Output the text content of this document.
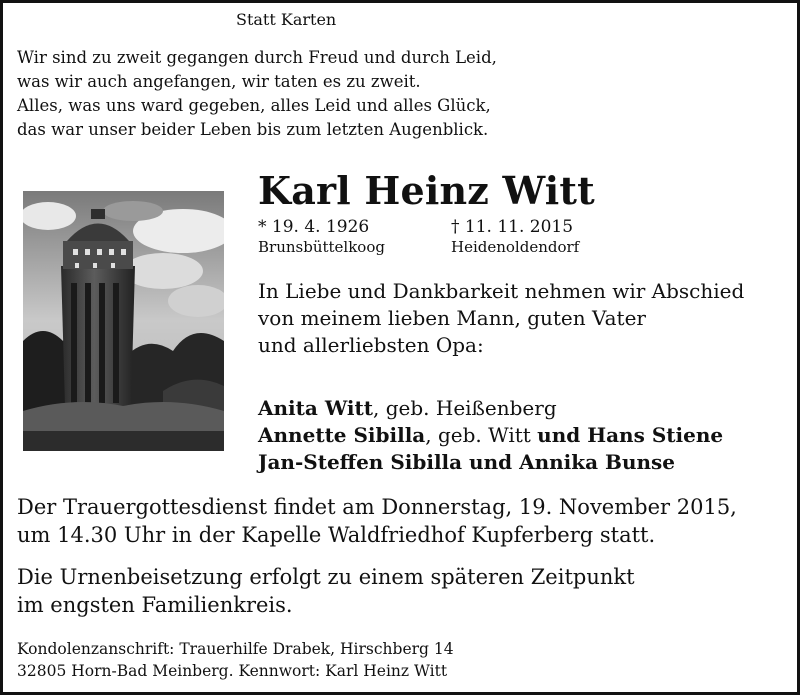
Statt Karten
Wir sind zu zweit gegangen durch Freud und durch Leid,
was wir auch angefangen, wir taten es zu zweit.
Alles, was uns ward gegeben, alles Leid und alles Glück,
das war unser beider Leben bis zum letzten Augenblick.
Karl Heinz Witt
* 19. 4. 1926	† 11. 11. 2015
Brunsbüttelkoog	Heidenoldendorf
In Liebe und Dankbarkeit nehmen wir Abschied
von meinem lieben Mann, guten Vater
und allerliebsten Opa:
Anita Witt, geb. Heißenberg
Annette Sibilla, geb. Witt und Hans Stiene
Jan-Steffen Sibilla und Annika Bunse
Der Trauergottesdienst findet am Donnerstag, 19. November 2015,
um 14.30 Uhr in der Kapelle Waldfriedhof Kupferberg statt.
Die Urnenbeisetzung erfolgt zu einem späteren Zeitpunkt
im engsten Familienkreis.
Kondolenzanschrift: Trauerhilfe Drabek, Hirschberg 14
32805 Horn-Bad Meinberg. Kennwort: Karl Heinz Witt
